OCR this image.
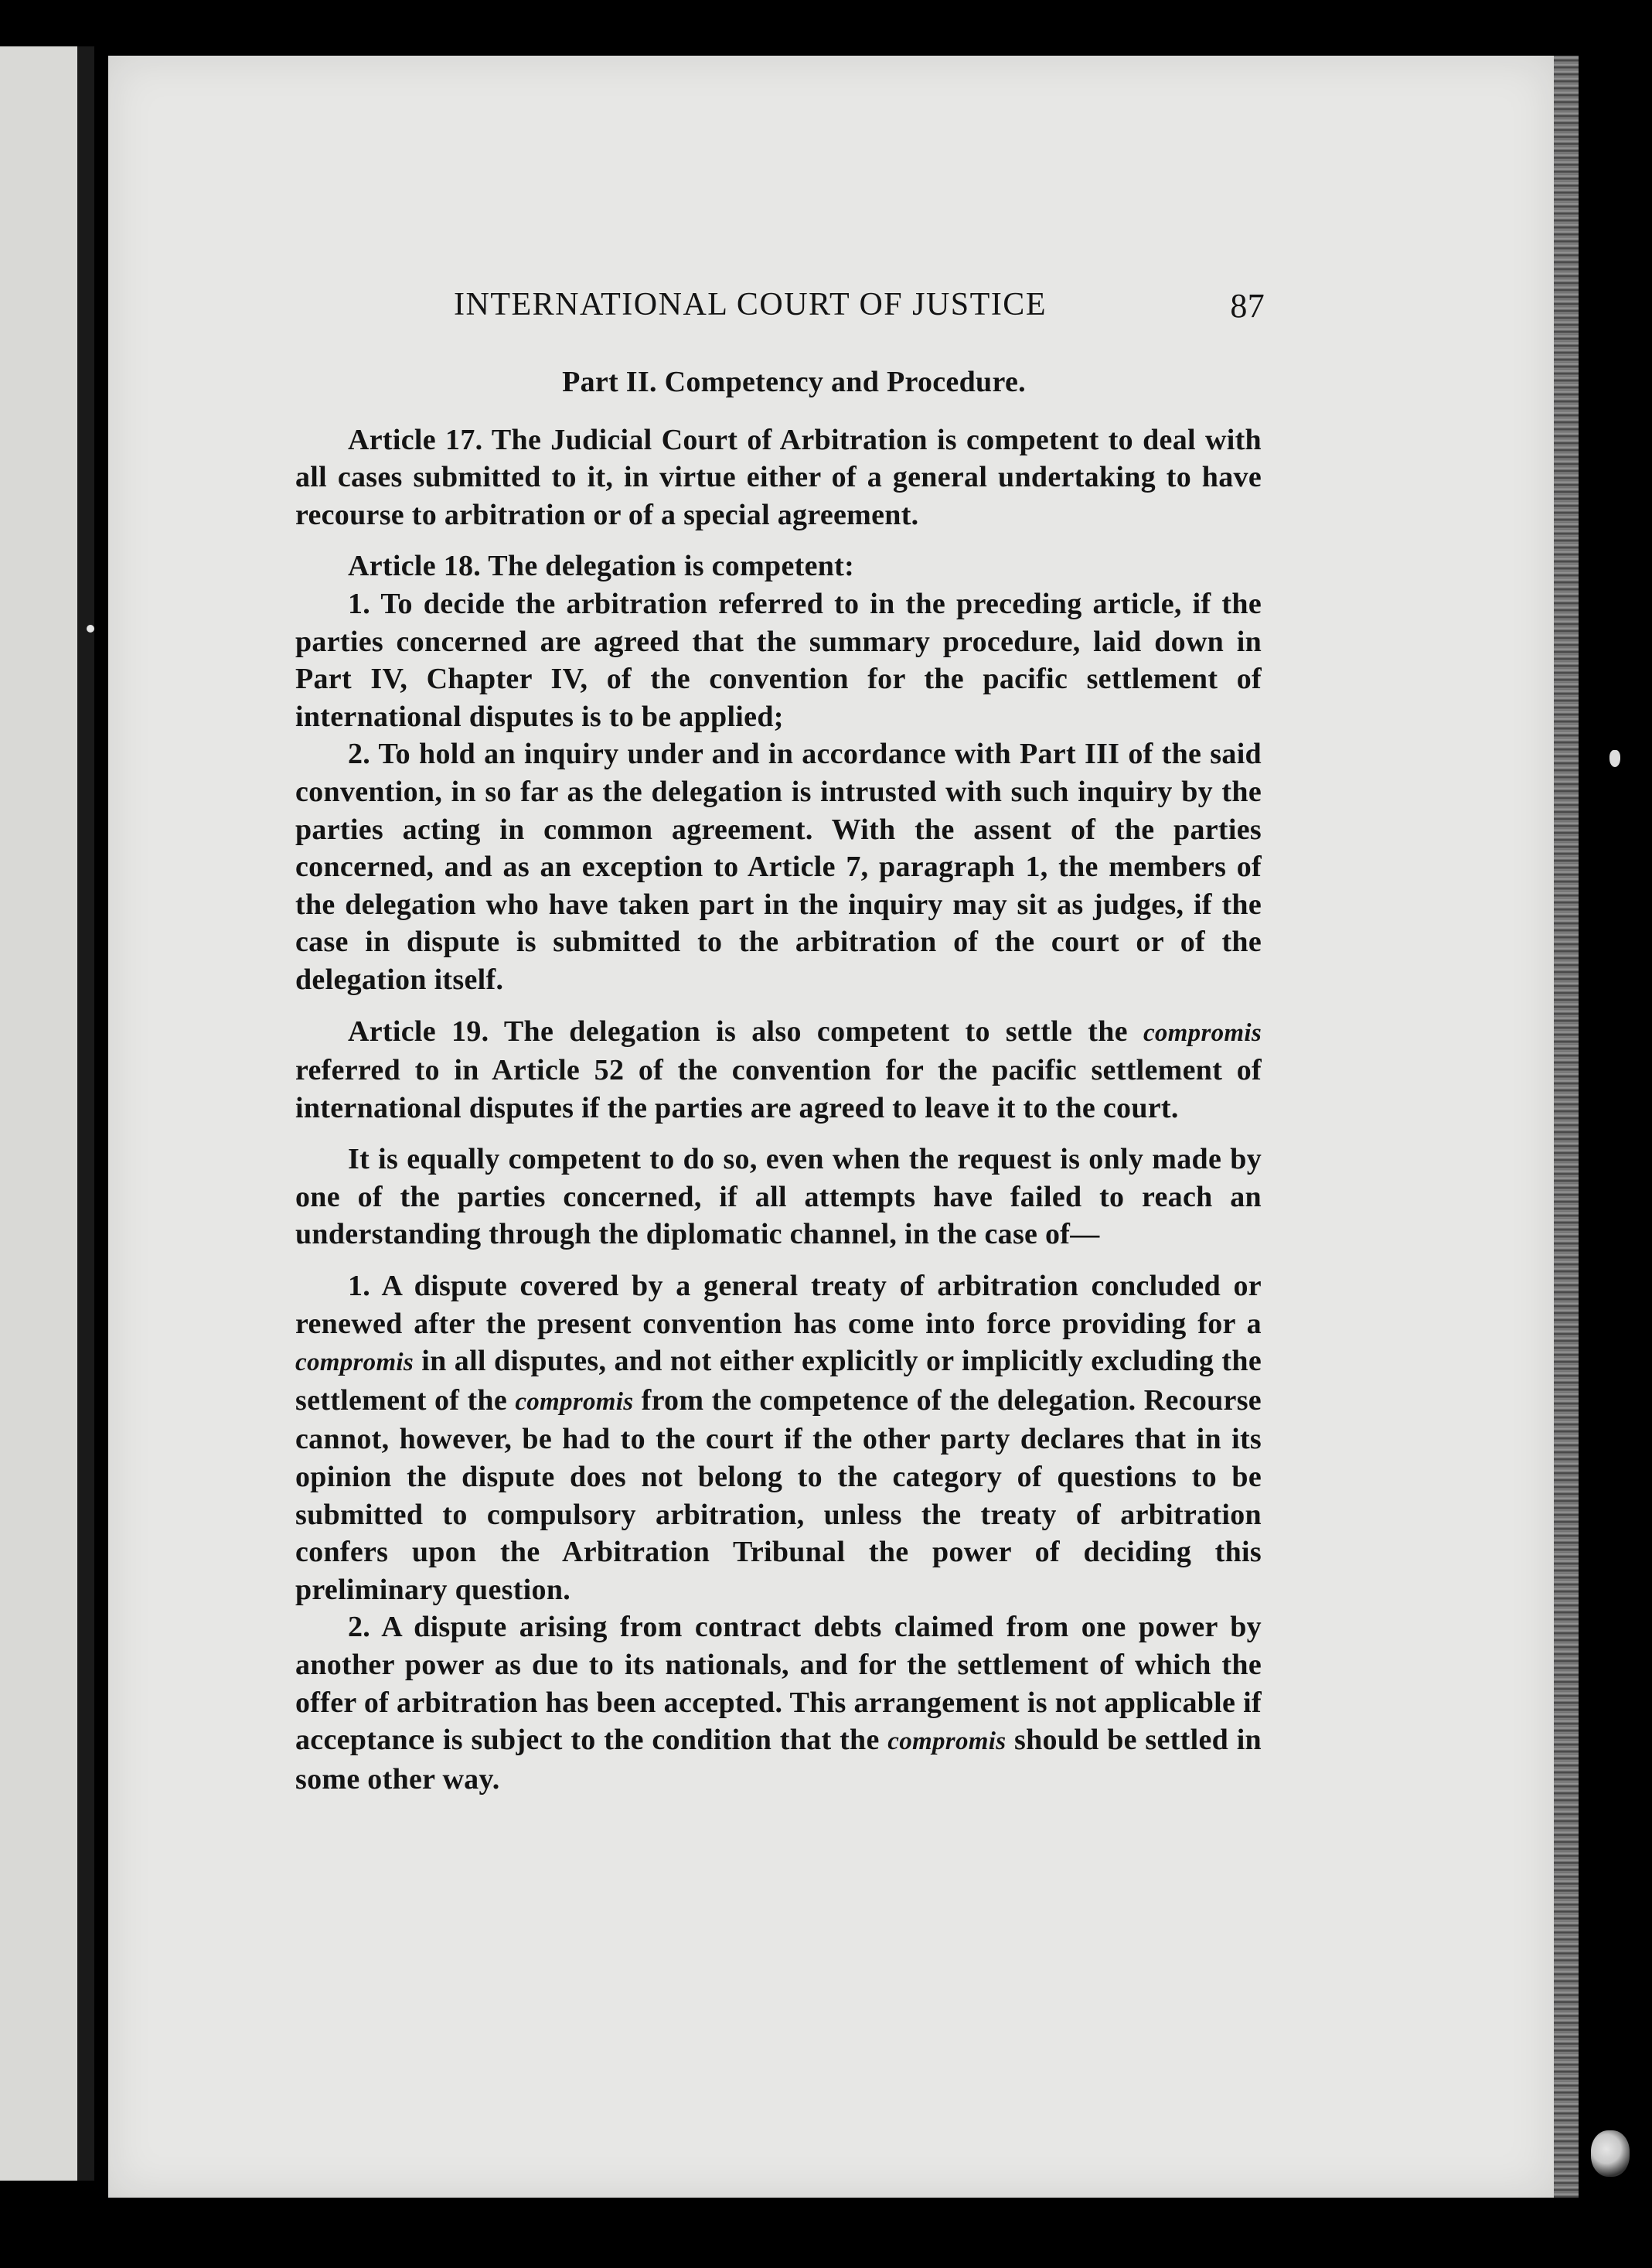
INTERNATIONAL COURT OF JUSTICE	87
Part II. Competency and Procedure.

Article 17. The Judicial Court of Arbitration is competent to deal with all cases submitted to it, in virtue either of a general undertaking to have recourse to arbitration or of a special agreement.

Article 18. The delegation is competent:

1. To decide the arbitration referred to in the preceding article, if the parties concerned are agreed that the summary procedure, laid down in Part IV, Chapter IV, of the convention for the pacific settlement of international disputes is to be applied;

2. To hold an inquiry under and in accordance with Part III of the said convention, in so far as the delegation is intrusted with such inquiry by the parties acting in common agreement. With the assent of the parties concerned, and as an exception to Article 7, paragraph 1, the members of the delegation who have taken part in the inquiry may sit as judges, if the case in dispute is submitted to the arbitration of the court or of the delegation itself.

Article 19. The delegation is also competent to settle the compromis referred to in Article 52 of the convention for the pacific settlement of international disputes if the parties are agreed to leave it to the court.

It is equally competent to do so, even when the request is only made by one of the parties concerned, if all attempts have failed to reach an understanding through the diplomatic channel, in the case of—

1. A dispute covered by a general treaty of arbitration concluded or renewed after the present convention has come into force providing for a compromis in all disputes, and not either explicitly or implicitly excluding the settlement of the compromis from the competence of the delegation. Recourse cannot, however, be had to the court if the other party declares that in its opinion the dispute does not belong to the category of questions to be submitted to compulsory arbitration, unless the treaty of arbitration confers upon the Arbitration Tribunal the power of deciding this preliminary question.

2. A dispute arising from contract debts claimed from one power by another power as due to its nationals, and for the settlement of which the offer of arbitration has been accepted. This arrangement is not applicable if acceptance is subject to the condition that the compromis should be settled in some other way.
